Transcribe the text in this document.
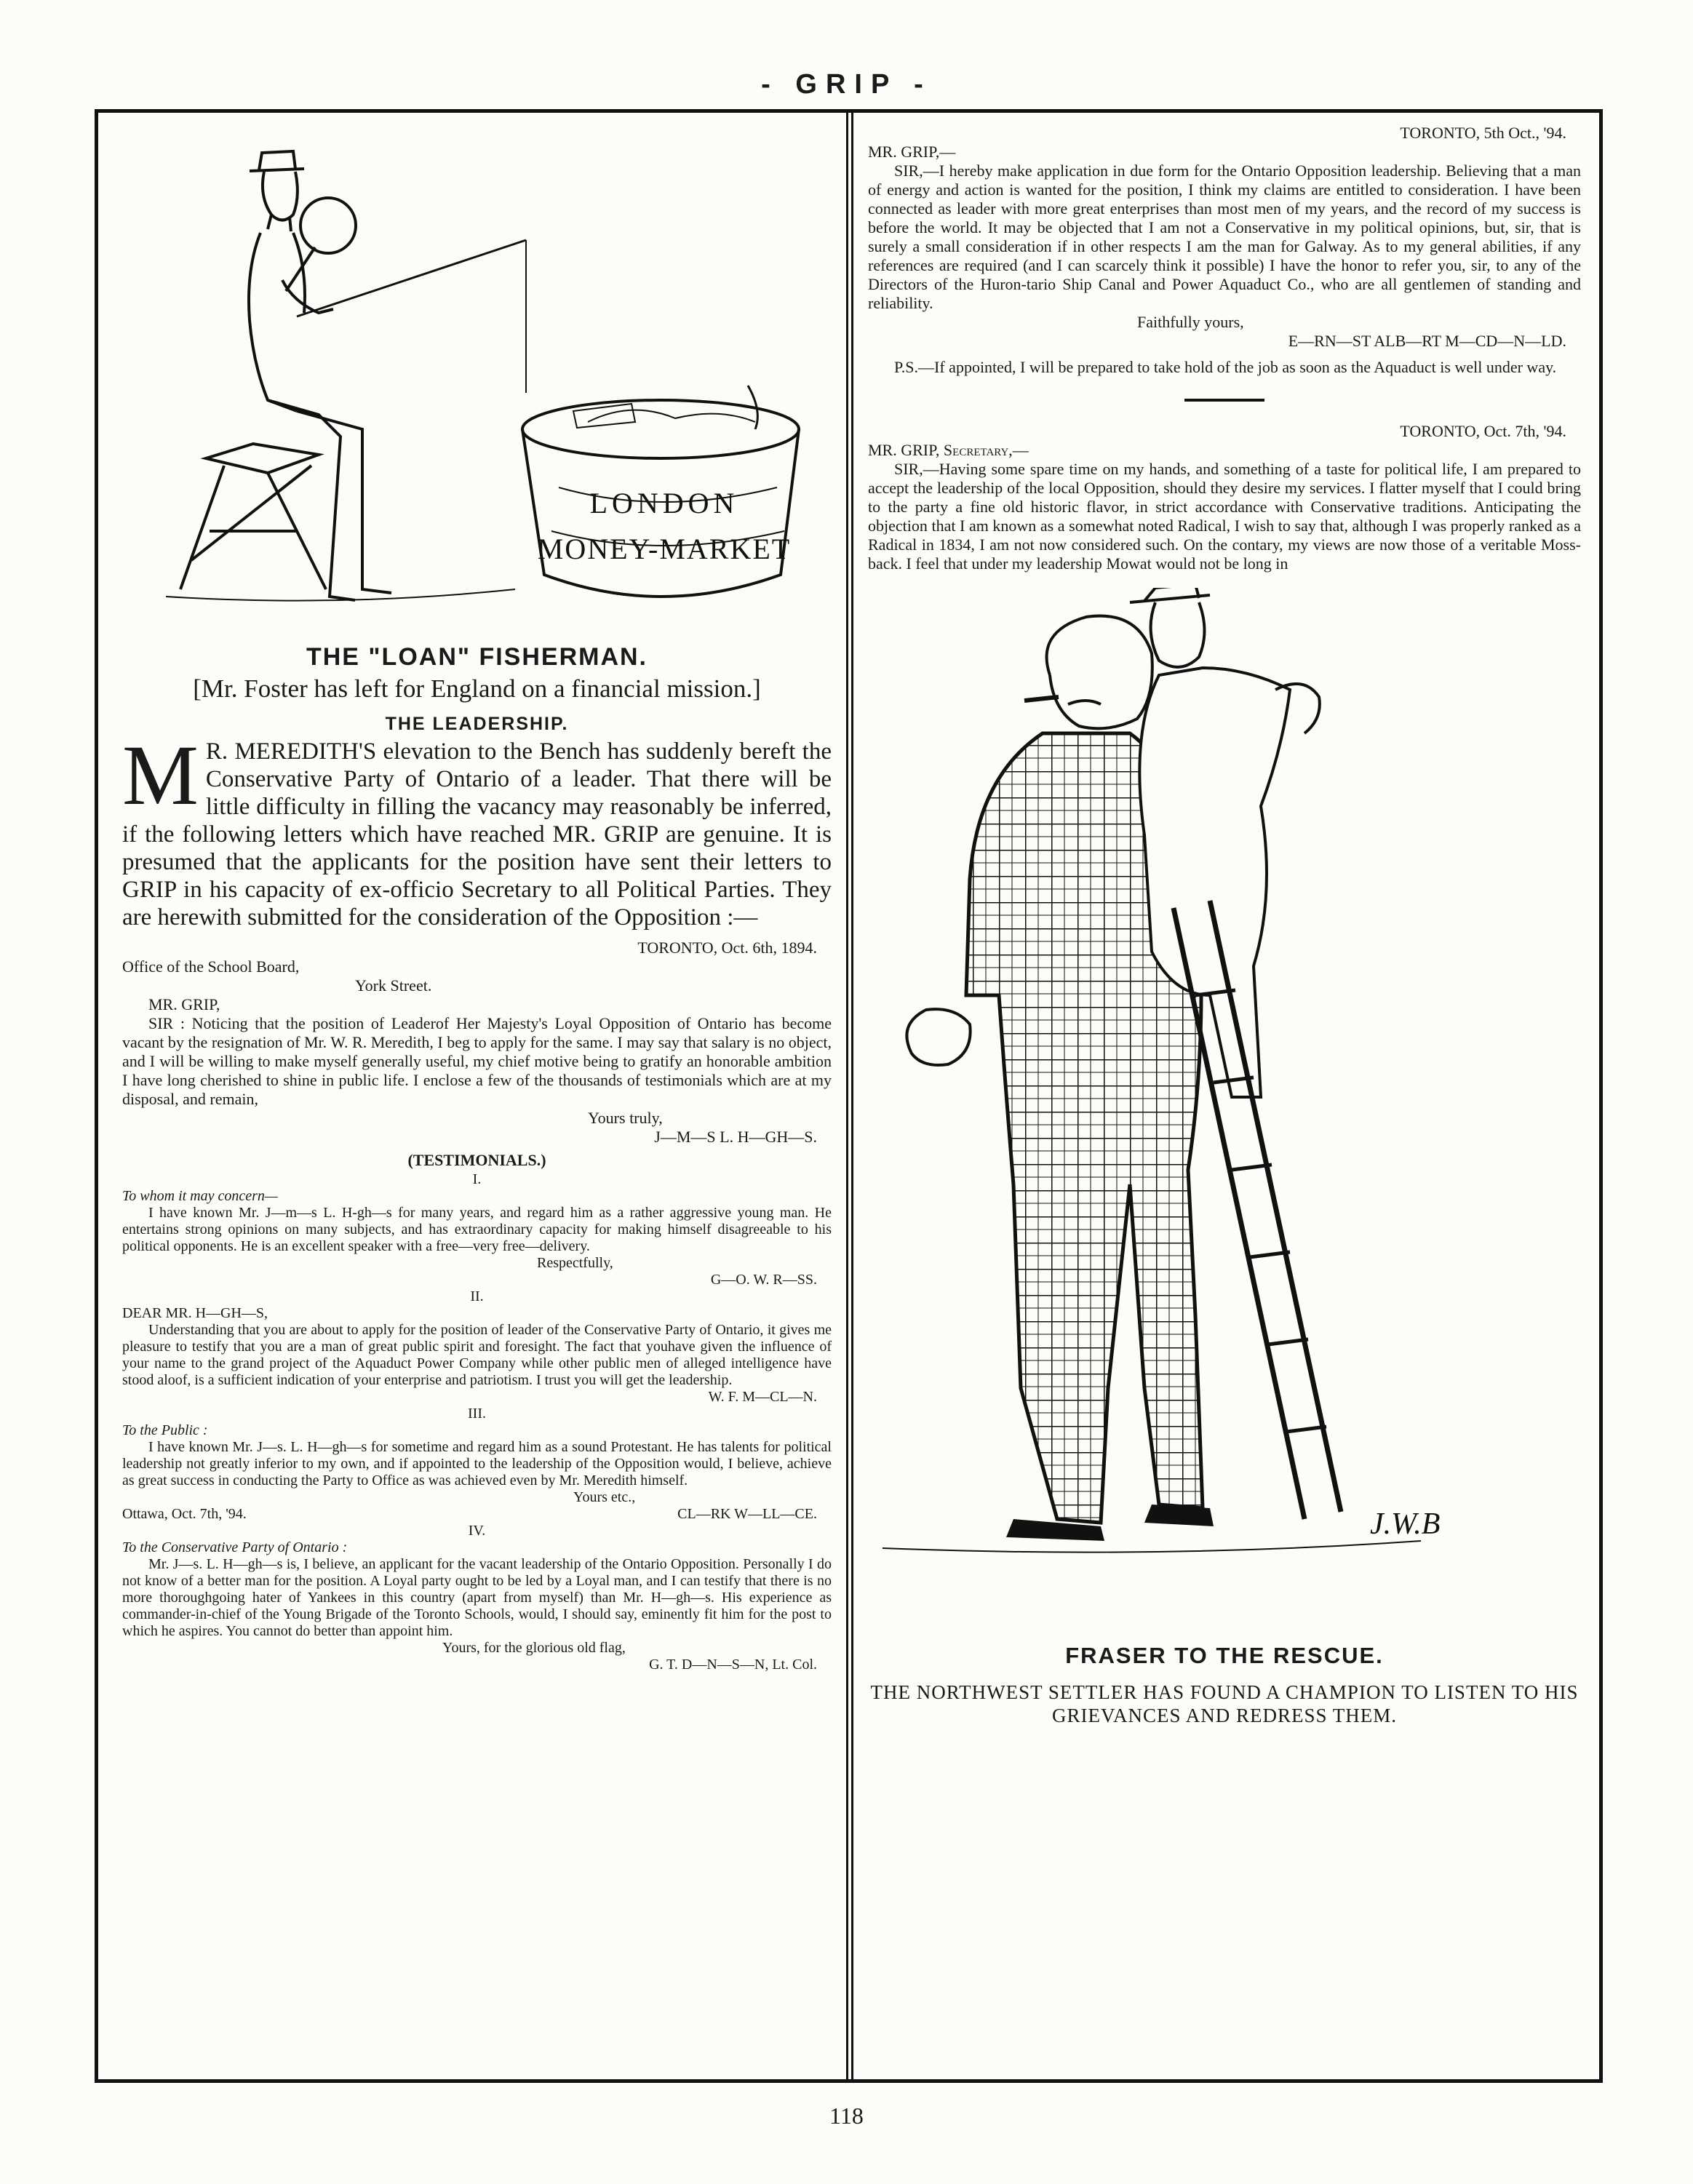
- GRIP -
LONDON
MONEY-MARKET
THE "LOAN" FISHERMAN.
[Mr. Foster has left for England on a financial mission.]
THE LEADERSHIP.
M R. MEREDITH'S elevation to the Bench has suddenly bereft the Conservative Party of Ontario of a leader. That there will be little difficulty in filling the vacancy may reasonably be inferred, if the following letters which have reached MR. GRIP are genuine. It is presumed that the applicants for the position have sent their letters to GRIP in his capacity of ex-officio Secretary to all Political Parties. They are herewith submitted for the consideration of the Opposition :—

TORONTO, Oct. 6th, 1894.

Office of the School Board,

York Street.

MR. GRIP,

SIR : Noticing that the position of Leaderof Her Majesty's Loyal Opposition of Ontario has become vacant by the resignation of Mr. W. R. Meredith, I beg to apply for the same. I may say that salary is no object, and I will be willing to make myself generally useful, my chief motive being to gratify an honorable ambition I have long cherished to shine in public life. I enclose a few of the thousands of testimonials which are at my disposal, and remain,

Yours truly,

J—M—S L. H—GH—S.

(TESTIMONIALS.)

I.

To whom it may concern—

I have known Mr. J—m—s L. H-gh—s for many years, and regard him as a rather aggressive young man. He entertains strong opinions on many subjects, and has extraordinary capacity for making himself disagreeable to his political opponents. He is an excellent speaker with a free—very free—delivery.

Respectfully,

G—O. W. R—SS.

II.

DEAR MR. H—GH—S,

Understanding that you are about to apply for the position of leader of the Conservative Party of Ontario, it gives me pleasure to testify that you are a man of great public spirit and foresight. The fact that youhave given the influence of your name to the grand project of the Aquaduct Power Company while other public men of alleged intelligence have stood aloof, is a sufficient indication of your enterprise and patriotism. I trust you will get the leadership.

W. F. M—CL—N.

III.

To the Public :

I have known Mr. J—s. L. H—gh—s for sometime and regard him as a sound Protestant. He has talents for political leadership not greatly inferior to my own, and if appointed to the leadership of the Opposition would, I believe, achieve as great success in conducting the Party to Office as was achieved even by Mr. Meredith himself.

Yours etc.,

Ottawa, Oct. 7th, '94.	CL—RK W—LL—CE.

IV.

To the Conservative Party of Ontario :

Mr. J—s. L. H—gh—s is, I believe, an applicant for the vacant leadership of the Ontario Opposition. Personally I do not know of a better man for the position. A Loyal party ought to be led by a Loyal man, and I can testify that there is no more thoroughgoing hater of Yankees in this country (apart from myself) than Mr. H—gh—s. His experience as commander-in-chief of the Young Brigade of the Toronto Schools, would, I should say, eminently fit him for the post to which he aspires. You cannot do better than appoint him.

Yours, for the glorious old flag,

G. T. D—N—S—N, Lt. Col.

TORONTO, 5th Oct., '94.

MR. GRIP,—

SIR,—I hereby make application in due form for the Ontario Opposition leadership. Believing that a man of energy and action is wanted for the position, I think my claims are entitled to consideration. I have been connected as leader with more great enterprises than most men of my years, and the record of my success is before the world. It may be objected that I am not a Conservative in my political opinions, but, sir, that is surely a small consideration if in other respects I am the man for Galway. As to my general abilities, if any references are required (and I can scarcely think it possible) I have the honor to refer you, sir, to any of the Directors of the Huron-tario Ship Canal and Power Aquaduct Co., who are all gentlemen of standing and reliability.

Faithfully yours,

E—RN—ST ALB—RT M—CD—N—LD.

P.S.—If appointed, I will be prepared to take hold of the job as soon as the Aquaduct is well under way.

TORONTO, Oct. 7th, '94.

MR. GRIP, Secretary,—

SIR,—Having some spare time on my hands, and something of a taste for political life, I am prepared to accept the leadership of the local Opposition, should they desire my services. I flatter myself that I could bring to the party a fine old historic flavor, in strict accordance with Conservative traditions. Anticipating the objection that I am known as a somewhat noted Radical, I wish to say that, although I was properly ranked as a Radical in 1834, I am not now considered such. On the contary, my views are now those of a veritable Moss-back. I feel that under my leadership Mowat would not be long in

J.W.B
FRASER TO THE RESCUE.
THE NORTHWEST SETTLER HAS FOUND A CHAMPION TO LISTEN TO HIS GRIEVANCES AND REDRESS THEM.
118
